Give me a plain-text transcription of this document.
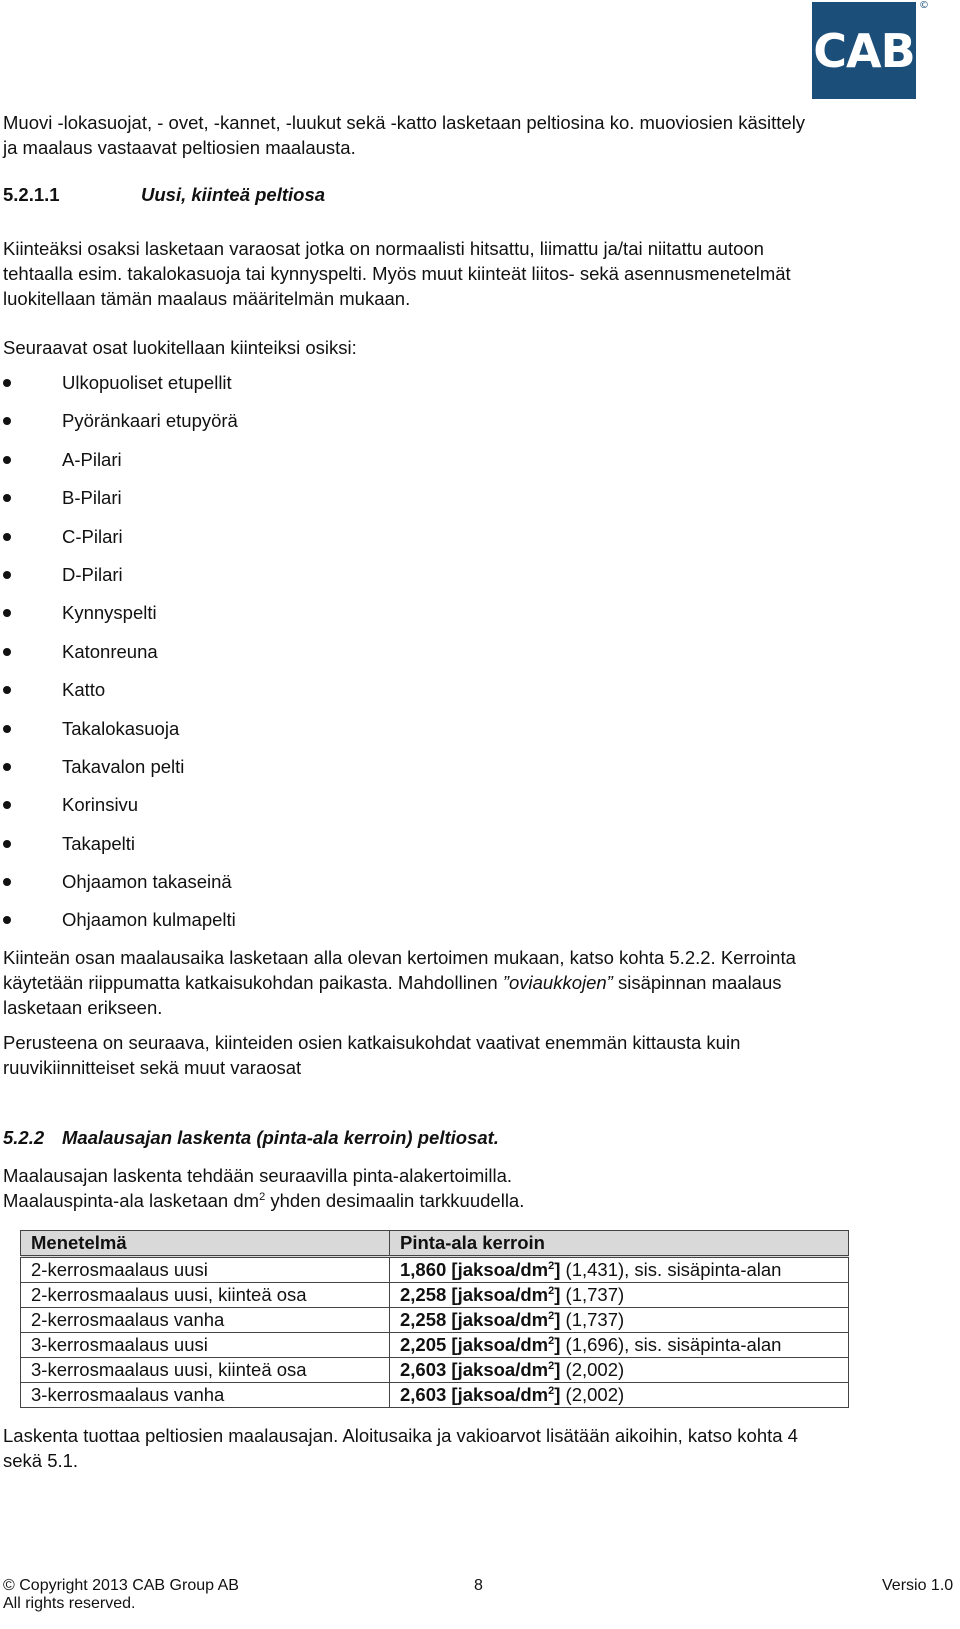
CAB
©
Muovi -lokasuojat, - ovet, -kannet, -luukut sekä -katto lasketaan peltiosina ko. muoviosien käsittely
ja maalaus vastaavat peltiosien maalausta.
5.2.1.1	Uusi, kiinteä peltiosa
Kiinteäksi osaksi lasketaan varaosat jotka on normaalisti hitsattu, liimattu ja/tai niitattu autoon
tehtaalla esim. takalokasuoja tai kynnyspelti. Myös muut kiinteät liitos- sekä asennusmenetelmät
luokitellaan tämän maalaus määritelmän mukaan.
Seuraavat osat luokitellaan kiinteiksi osiksi:
Ulkopuoliset etupellit
Pyöränkaari etupyörä
A-Pilari
B-Pilari
C-Pilari
D-Pilari
Kynnyspelti
Katonreuna
Katto
Takalokasuoja
Takavalon pelti
Korinsivu
Takapelti
Ohjaamon takaseinä
Ohjaamon kulmapelti
Kiinteän osan maalausaika lasketaan alla olevan kertoimen mukaan, katso kohta 5.2.2. Kerrointa
käytetään riippumatta katkaisukohdan paikasta. Mahdollinen ”oviaukkojen” sisäpinnan maalaus
lasketaan erikseen.
Perusteena on seuraava, kiinteiden osien katkaisukohdat vaativat enemmän kittausta kuin
ruuvikiinnitteiset sekä muut varaosat
5.2.2 Maalausajan laskenta (pinta-ala kerroin) peltiosat.
Maalausajan laskenta tehdään seuraavilla pinta-alakertoimilla.
Maalauspinta-ala lasketaan $dm^2$ yhden desimaalin tarkkuudella.
Menetelmä	Pinta-ala kerroin
2-kerrosmaalaus uusi	1,860 $[jaksoa/dm^2]$ (1,431), sis. sisäpinta-alan
2-kerrosmaalaus uusi, kiinteä osa	2,258 $[jaksoa/dm^2]$ (1,737)
2-kerrosmaalaus vanha	2,258 $[jaksoa/dm^2]$ (1,737)
3-kerrosmaalaus uusi	2,205 $[jaksoa/dm^2]$ (1,696), sis. sisäpinta-alan
3-kerrosmaalaus uusi, kiinteä osa	2,603 $[jaksoa/dm^2]$ (2,002)
3-kerrosmaalaus vanha	2,603 $[jaksoa/dm^2]$ (2,002)
Laskenta tuottaa peltiosien maalausajan. Aloitusaika ja vakioarvot lisätään aikoihin, katso kohta 4
sekä 5.1.
© Copyright 2013 CAB Group AB
All rights reserved.
8	Versio 1.0
